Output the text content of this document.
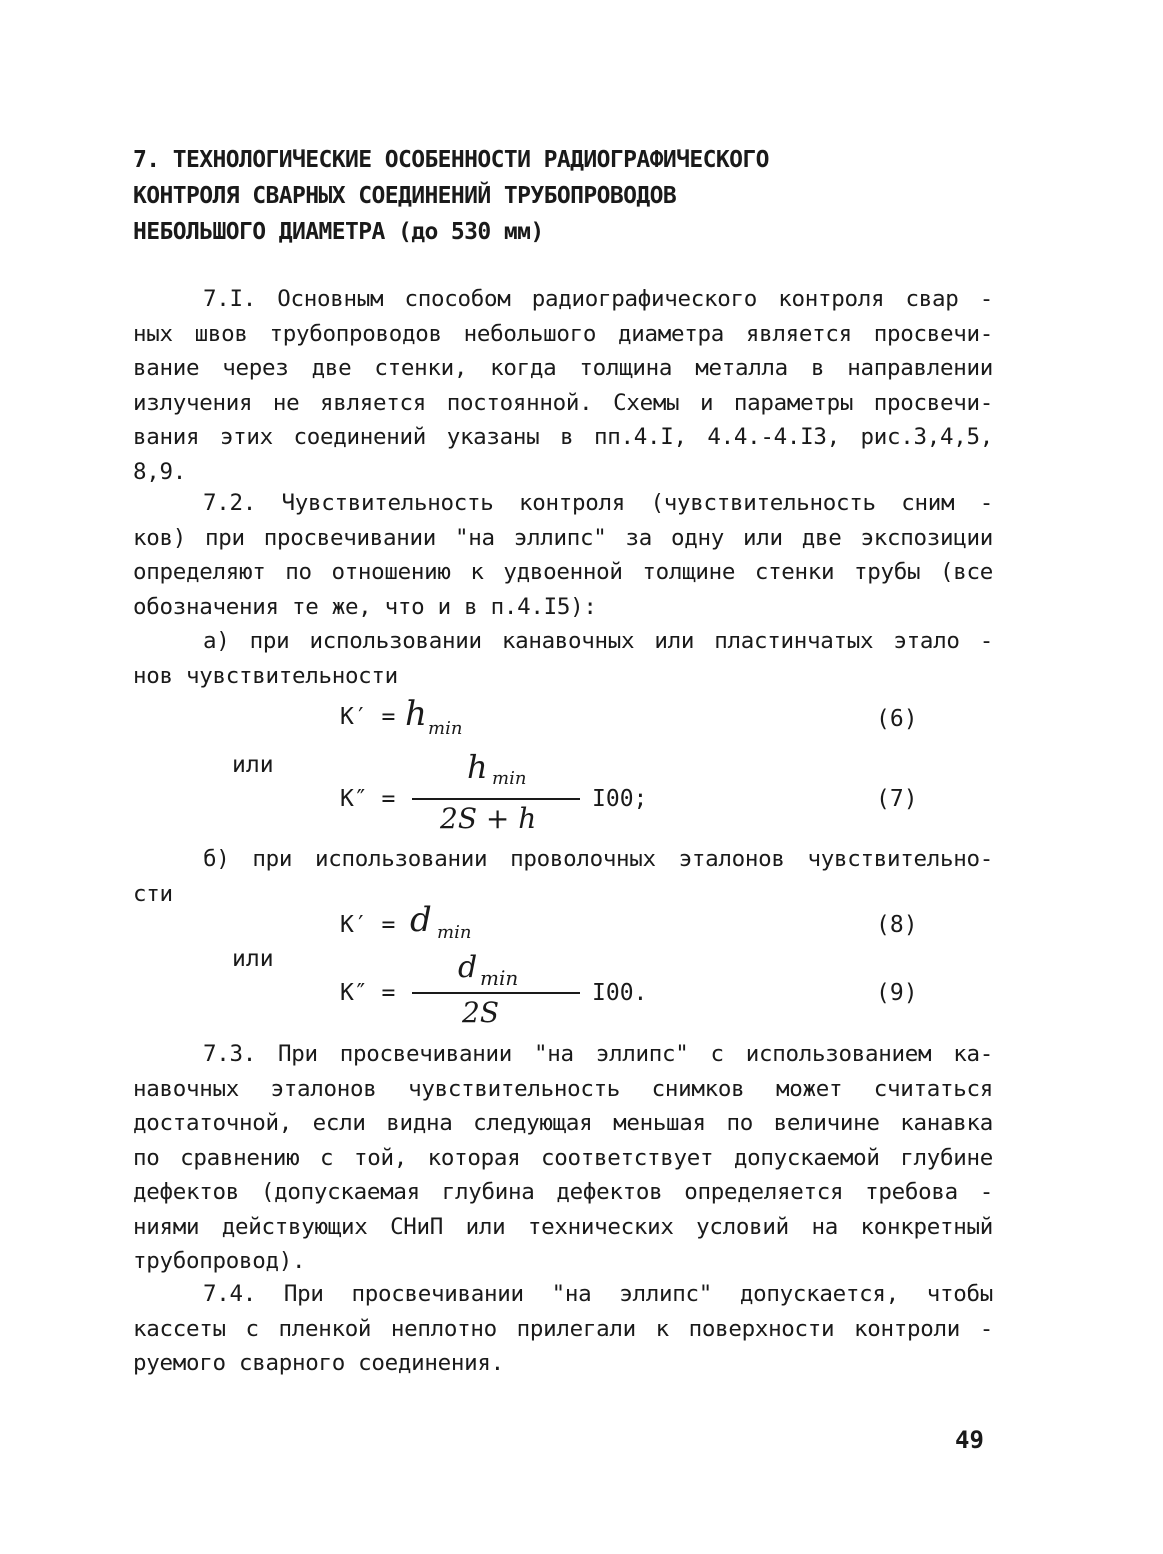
7. ТЕХНОЛОГИЧЕСКИЕ ОСОБЕННОСТИ РАДИОГРАФИЧЕСКОГО
КОНТРОЛЯ СВАРНЫХ СОЕДИНЕНИЙ ТРУБОПРОВОДОВ
НЕБОЛЬШОГО ДИАМЕТРА (до 530 мм)
7.I. Основным способом радиографического контроля свар -
ных швов трубопроводов небольшого диаметра является просвечи-
вание через две стенки, когда толщина металла в направлении
излучения не является постоянной. Схемы и параметры просвечи-
вания этих соединений указаны в пп.4.I, 4.4.-4.I3, рис.3,4,5,
8,9.
7.2. Чувствительность контроля (чувствительность сним -
ков) при просвечивании "на эллипс" за одну или две экспозиции
определяют по отношению к удвоенной толщине стенки трубы (все
обозначения те же, что и в п.4.I5):
а) при использовании канавочных или пластинчатых этало -
нов чувствительности
К′ = h min	(6)
или
К″ =
h min
2S + h
I00;	(7)
б) при использовании проволочных эталонов чувствительно-
сти
К′ = d min	(8)
или
К″ =
d min
2S
I00.	(9)
7.3. При просвечивании "на эллипс" с использованием ка-
навочных эталонов чувствительность снимков может считаться
достаточной, если видна следующая меньшая по величине канавка
по сравнению с той, которая соответствует допускаемой глубине
дефектов (допускаемая глубина дефектов определяется требова -
ниями действующих СНиП или технических условий на конкретный
трубопровод).
7.4. При просвечивании "на эллипс" допускается, чтобы
кассеты с пленкой неплотно прилегали к поверхности контроли -
руемого сварного соединения.
49
